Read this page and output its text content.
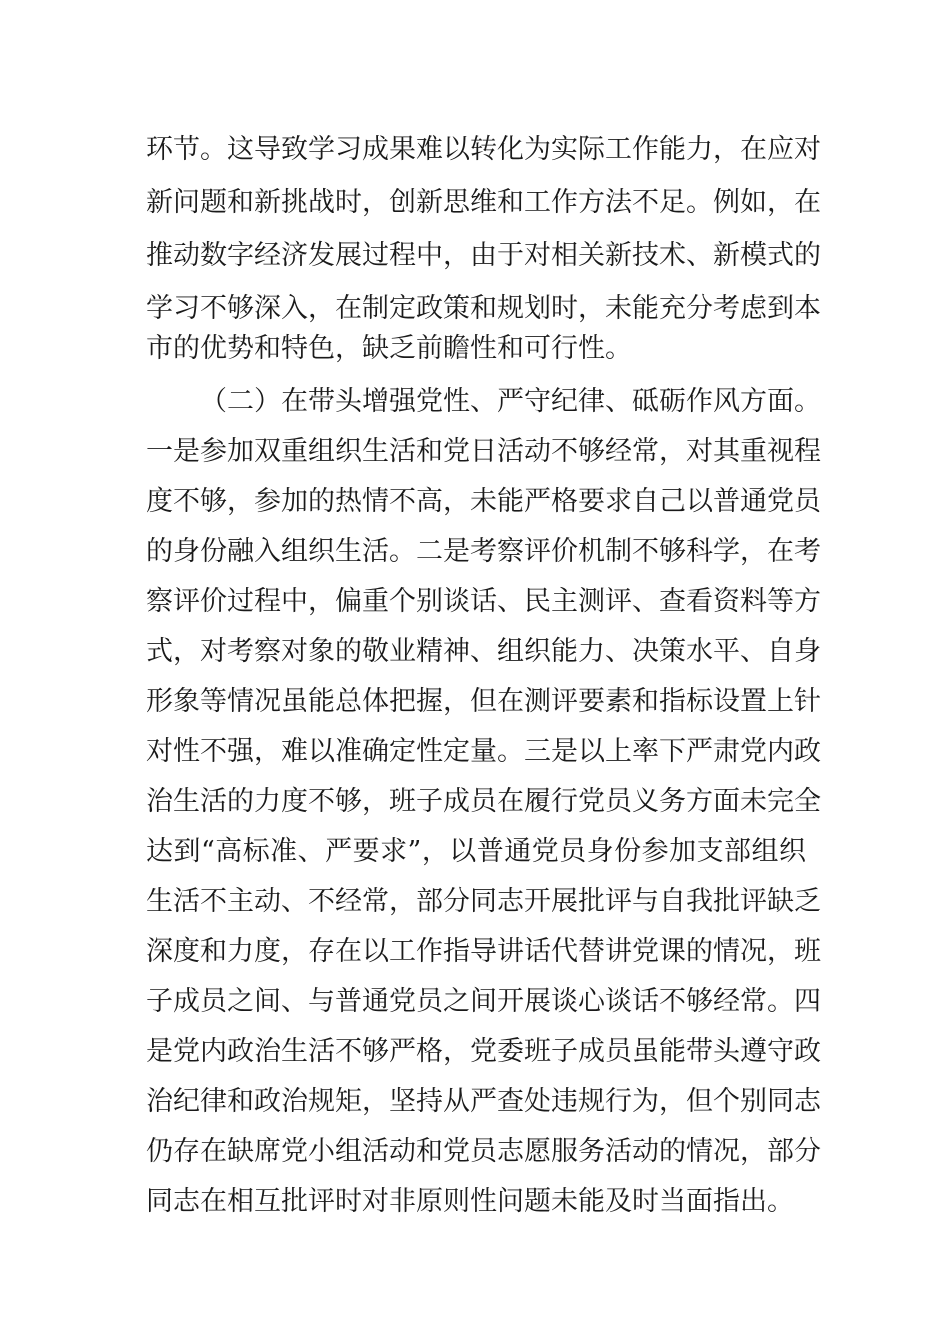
环节。这导致学习成果难以转化为实际工作能力，在应对
新问题和新挑战时，创新思维和工作方法不足。例如，在
推动数字经济发展过程中，由于对相关新技术、新模式的
学习不够深入，在制定政策和规划时，未能充分考虑到本
市的优势和特色，缺乏前瞻性和可行性。
（二）在带头增强党性、严守纪律、砥砺作风方面。
一是参加双重组织生活和党日活动不够经常，对其重视程
度不够，参加的热情不高，未能严格要求自己以普通党员
的身份融入组织生活。二是考察评价机制不够科学，在考
察评价过程中，偏重个别谈话、民主测评、查看资料等方
式，对考察对象的敬业精神、组织能力、决策水平、自身
形象等情况虽能总体把握，但在测评要素和指标设置上针
对性不强，难以准确定性定量。三是以上率下严肃党内政
治生活的力度不够，班子成员在履行党员义务方面未完全
达到“高标准、严要求”，以普通党员身份参加支部组织
生活不主动、不经常，部分同志开展批评与自我批评缺乏
深度和力度，存在以工作指导讲话代替讲党课的情况，班
子成员之间、与普通党员之间开展谈心谈话不够经常。四
是党内政治生活不够严格，党委班子成员虽能带头遵守政
治纪律和政治规矩，坚持从严查处违规行为，但个别同志
仍存在缺席党小组活动和党员志愿服务活动的情况，部分
同志在相互批评时对非原则性问题未能及时当面指出。
